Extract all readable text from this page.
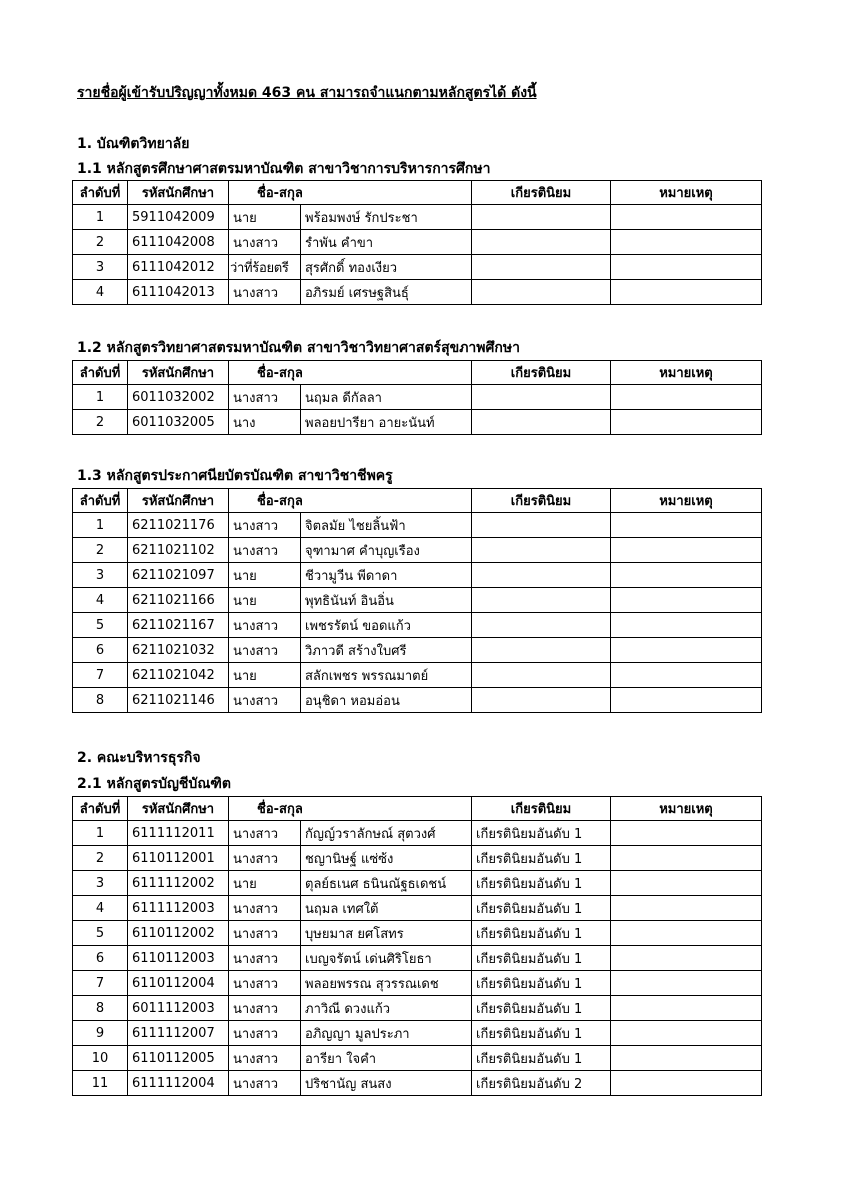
รายชื่อผู้เข้ารับปริญญาทั้งหมด 463 คน สามารถจำแนกตามหลักสูตรได้ ดังนี้
1. บัณฑิตวิทยาลัย
1.1 หลักสูตรศึกษาศาสตรมหาบัณฑิต สาขาวิชาการบริหารการศึกษา
ลำดับที่	รหัสนักศึกษา	ชื่อ-สกุล		เกียรตินิยม	หมายเหตุ
1	5911042009	นาย	พร้อมพงษ์ รักประชา		
2	6111042008	นางสาว	รำพัน คำขา		
3	6111042012	ว่าที่ร้อยตรี	สุรศักดิ์ ทองเงียว		
4	6111042013	นางสาว	อภิรมย์ เศรษฐสินธุ์		
1.2 หลักสูตรวิทยาศาสตรมหาบัณฑิต สาขาวิชาวิทยาศาสตร์สุขภาพศึกษา
ลำดับที่	รหัสนักศึกษา	ชื่อ-สกุล		เกียรตินิยม	หมายเหตุ
1	6011032002	นางสาว	นฤมล ดีกัลลา		
2	6011032005	นาง	พลอยปารียา อายะนันท์		
1.3 หลักสูตรประกาศนียบัตรบัณฑิต สาขาวิชาชีพครู
ลำดับที่	รหัสนักศึกษา	ชื่อ-สกุล		เกียรตินิยม	หมายเหตุ
1	6211021176	นางสาว	จิตลมัย ไชยลิ้นฟ้า		
2	6211021102	นางสาว	จุฑามาศ คำบุญเรือง		
3	6211021097	นาย	ชีวามูวีน พีดาดา		
4	6211021166	นาย	พุทธินันท์ อินอิ่น		
5	6211021167	นางสาว	เพชรรัตน์ ขอดแก้ว		
6	6211021032	นางสาว	วิภาวดี สร้างใบศรี		
7	6211021042	นาย	สลักเพชร พรรณมาตย์		
8	6211021146	นางสาว	อนุชิดา หอมอ่อน		
2. คณะบริหารธุรกิจ
2.1 หลักสูตรบัญชีบัณฑิต
ลำดับที่	รหัสนักศึกษา	ชื่อ-สกุล		เกียรตินิยม	หมายเหตุ
1	6111112011	นางสาว	กัญญ์วราลักษณ์ สุตวงศ์	เกียรตินิยมอันดับ 1	
2	6110112001	นางสาว	ชญานิษฐ์ แซ่ซ้ง	เกียรตินิยมอันดับ 1	
3	6111112002	นาย	ตุลย์ธเนศ ธนินณัฐธเดชน์	เกียรตินิยมอันดับ 1	
4	6111112003	นางสาว	นฤมล เทศใต้	เกียรตินิยมอันดับ 1	
5	6110112002	นางสาว	บุษยมาส ยศโสทร	เกียรตินิยมอันดับ 1	
6	6110112003	นางสาว	เบญจรัตน์ เด่นศิริโยธา	เกียรตินิยมอันดับ 1	
7	6110112004	นางสาว	พลอยพรรณ สุวรรณเดช	เกียรตินิยมอันดับ 1	
8	6011112003	นางสาว	ภาวิณี ดวงแก้ว	เกียรตินิยมอันดับ 1	
9	6111112007	นางสาว	อภิญญา มูลประภา	เกียรตินิยมอันดับ 1	
10	6110112005	นางสาว	อารียา ใจคำ	เกียรตินิยมอันดับ 1	
11	6111112004	นางสาว	ปริชานัญ สนสง	เกียรตินิยมอันดับ 2	
